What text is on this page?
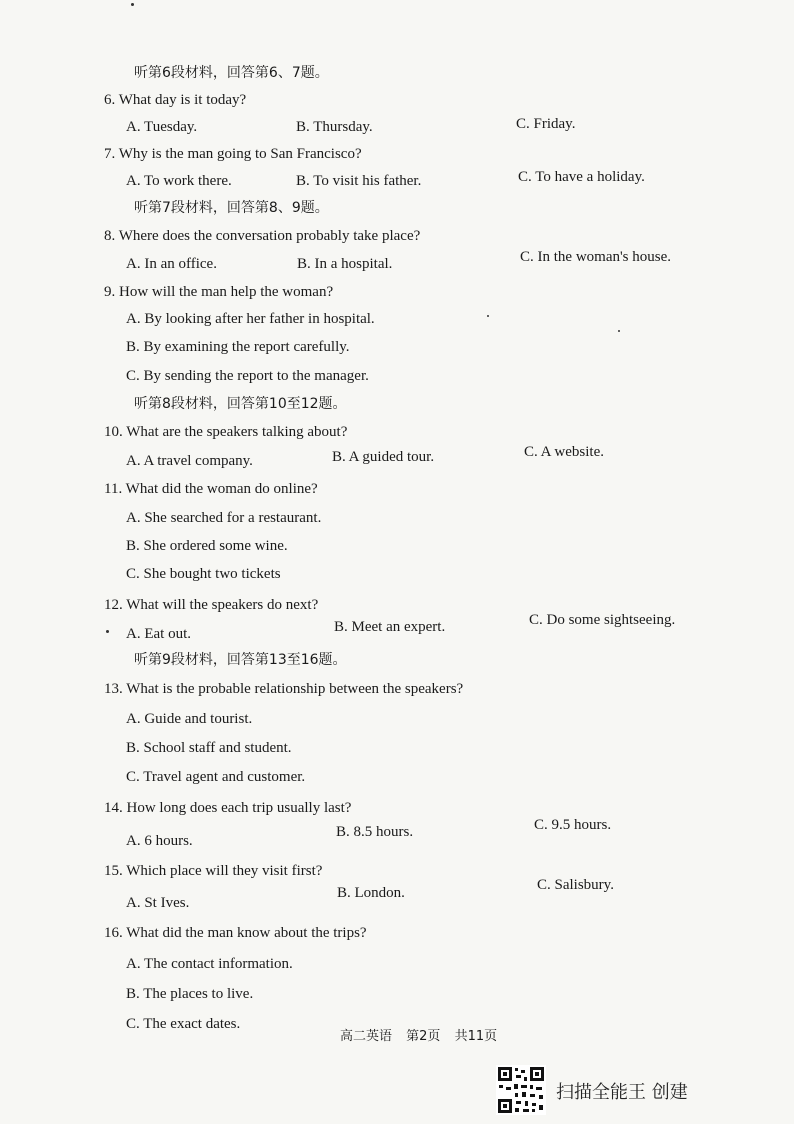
听第6段材料，回答第6、7题。
6. What day is it today?
A. Tuesday.	B. Thursday.	C. Friday.
7. Why is the man going to San Francisco?
A. To work there.	B. To visit his father.	C. To have a holiday.
听第7段材料，回答第8、9题。
8. Where does the conversation probably take place?
A. In an office.	B. In a hospital.	C. In the woman's house.
9. How will the man help the woman?
A. By looking after her father in hospital.
B. By examining the report carefully.
C. By sending the report to the manager.
听第8段材料，回答第10至12题。
10. What are the speakers talking about?
A. A travel company.	B. A guided tour.	C. A website.
11. What did the woman do online?
A. She searched for a restaurant.
B. She ordered some wine.
C. She bought two tickets
12. What will the speakers do next?
A. Eat out.	B. Meet an expert.	C. Do some sightseeing.
听第9段材料，回答第13至16题。
13. What is the probable relationship between the speakers?
A. Guide and tourist.
B. School staff and student.
C. Travel agent and customer.
14. How long does each trip usually last?
A. 6 hours.
B. 8.5 hours.	C. 9.5 hours.
15. Which place will they visit first?
A. St Ives.
B. London.	C. Salisbury.
16. What did the man know about the trips?
A. The contact information.
B. The places to live.
C. The exact dates.
高二英语 第2页 共11页
扫描全能王 创建
